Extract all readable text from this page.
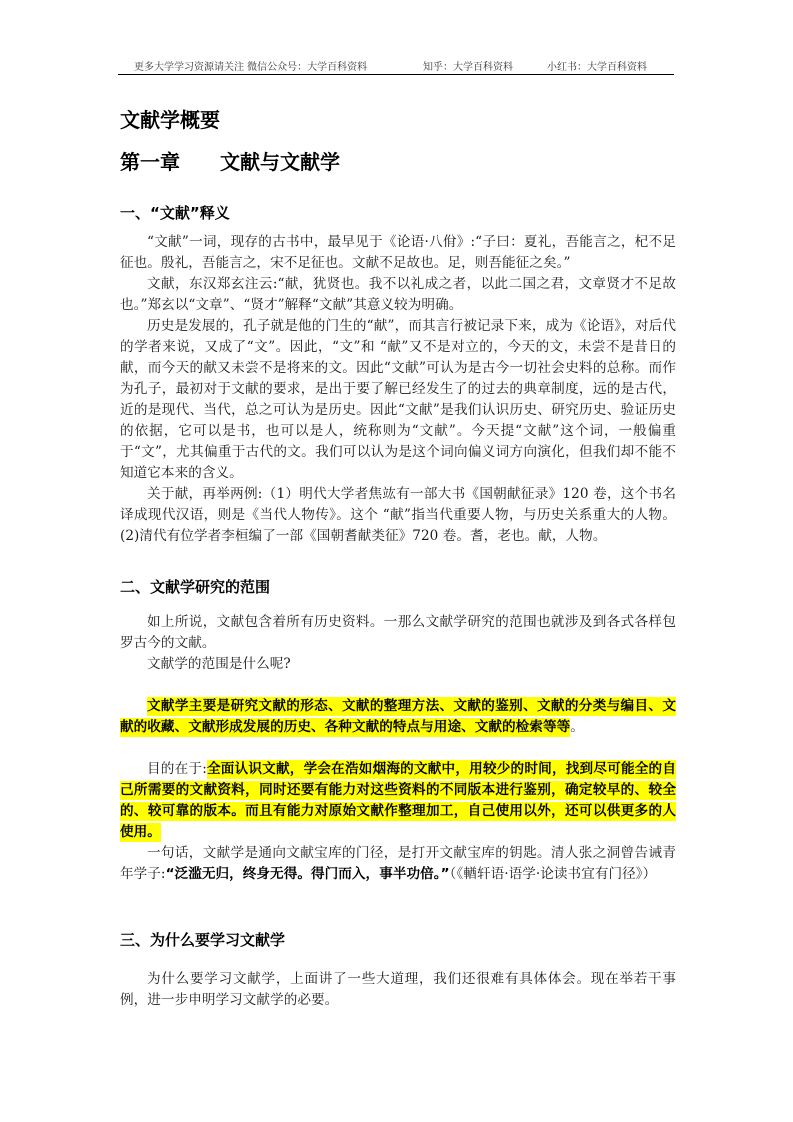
更多大学学习资源请关注 微信公众号：大学百科资料	知乎：大学百科资料	小红书：大学百科资料
文献学概要
第一章 文献与文献学
一、“文献”释义

“文献”一词，现存的古书中，最早见于《论语·八佾》:“子曰：夏礼，吾能言之，杞不足征也。殷礼，吾能言之，宋不足征也。文献不足故也。足，则吾能征之矣。”

文献，东汉郑玄注云:“献，犹贤也。我不以礼成之者，以此二国之君，文章贤才不足故也。”郑玄以“文章”、“贤才”解释“文献”其意义较为明确。

历史是发展的，孔子就是他的门生的“献”，而其言行被记录下来，成为《论语》，对后代的学者来说，又成了“文”。因此，“文”和 “献”又不是对立的，今天的文，未尝不是昔日的献，而今天的献又未尝不是将来的文。因此“文献”可认为是古今一切社会史料的总称。而作为孔子，最初对于文献的要求，是出于要了解已经发生了的过去的典章制度，远的是古代，近的是现代、当代，总之可认为是历史。因此“文献”是我们认识历史、研究历史、验证历史的依据，它可以是书，也可以是人，统称则为“文献”。今天提“文献”这个词，一般偏重于“文”，尤其偏重于古代的文。我们可以认为是这个词向偏义词方向演化，但我们却不能不知道它本来的含义。

关于献，再举两例:（1）明代大学者焦竑有一部大书《国朝献征录》120 卷，这个书名译成现代汉语，则是《当代人物传》。这个 “献”指当代重要人物，与历史关系重大的人物。(2)清代有位学者李桓编了一部《国朝耆献类征》720 卷。耆，老也。献，人物。

二、文献学研究的范围

如上所说，文献包含着所有历史资料。一那么文献学研究的范围也就涉及到各式各样包罗古今的文献。

文献学的范围是什么呢?

文献学主要是研究文献的形态、文献的整理方法、文献的鉴别、文献的分类与编目、文献的收藏、文献形成发展的历史、各种文献的特点与用途、文献的检索等等。

目的在于:全面认识文献，学会在浩如烟海的文献中，用较少的时间，找到尽可能全的自己所需要的文献资料，同时还要有能力对这些资料的不同版本进行鉴别，确定较早的、较全的、较可靠的版本。而且有能力对原始文献作整理加工，自己使用以外，还可以供更多的人使用。

一句话，文献学是通向文献宝库的门径，是打开文献宝库的钥匙。清人张之洞曾告诫青年学子:“泛滥无归，终身无得。得门而入，事半功倍。”（《輶轩语·语学·论读书宜有门径》）

三、为什么要学习文献学

为什么要学习文献学，上面讲了一些大道理，我们还很难有具体体会。现在举若干事例，进一步申明学习文献学的必要。
